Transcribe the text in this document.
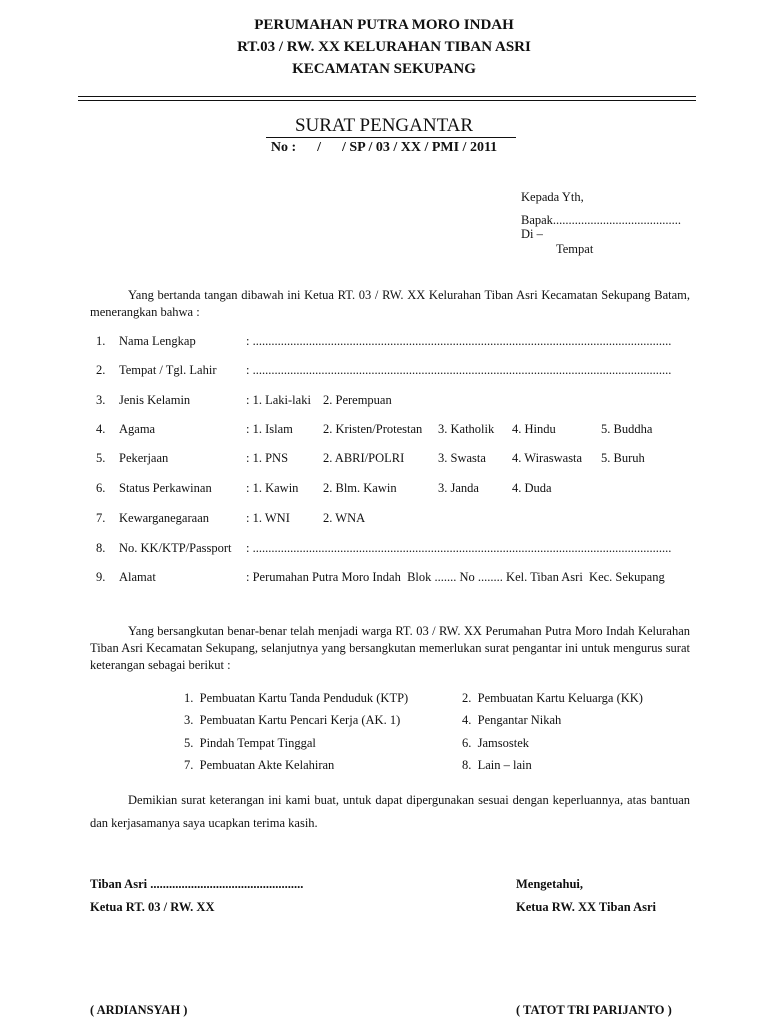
PERUMAHAN PUTRA MORO INDAH
RT.03 / RW. XX KELURAHAN TIBAN ASRI
KECAMATAN SEKUPANG
SURAT PENGANTAR
No :      /      / SP / 03 / XX / PMI / 2011
Kepada Yth,
Bapak.........................................
Di –
Tempat
Yang bertanda tangan dibawah ini Ketua RT. 03 / RW. XX Kelurahan Tiban Asri Kecamatan Sekupang Batam, menerangkan bahwa :
1. Nama Lengkap	: ......................................................................................................................................
2. Tempat / Tgl. Lahir : ......................................................................................................................................
3. Jenis Kelamin	: 1. Laki-laki 2. Perempuan
4. Agama	: 1. Islam 2. Kristen/Protestan 3. Katholik 4. Hindu	5. Buddha
5. Pekerjaan	: 1. PNS	2. ABRI/POLRI	3. Swasta 4. Wiraswasta 5. Buruh
6. Status Perkawinan	: 1. Kawin 2. Blm. Kawin	3. Janda	4. Duda
7. Kewarganegaraan	: 1. WNI	2. WNA
8. No. KK/KTP/Passport : ......................................................................................................................................
9. Alamat	: Perumahan Putra Moro Indah  Blok ....... No ........ Kel. Tiban Asri  Kec. Sekupang
Yang bersangkutan benar-benar telah menjadi warga RT. 03 / RW. XX Perumahan Putra Moro Indah Kelurahan Tiban Asri Kecamatan Sekupang, selanjutnya yang bersangkutan memerlukan surat pengantar ini untuk mengurus surat keterangan sebagai berikut :
1.  Pembuatan Kartu Tanda Penduduk (KTP)	2.  Pembuatan Kartu Keluarga (KK)
3.  Pembuatan Kartu Pencari Kerja (AK. 1)	4.  Pengantar Nikah
5.  Pindah Tempat Tinggal	6.  Jamsostek
7.  Pembuatan Akte Kelahiran	8.  Lain – lain
Demikian surat keterangan ini kami buat, untuk dapat dipergunakan sesuai dengan keperluannya, atas bantuan dan kerjasamanya saya ucapkan terima kasih.
Tiban Asri .................................................
Ketua RT. 03 / RW. XX
( ARDIANSYAH )
Mengetahui,
Ketua RW. XX Tiban Asri
( TATOT TRI PARIJANTO )
